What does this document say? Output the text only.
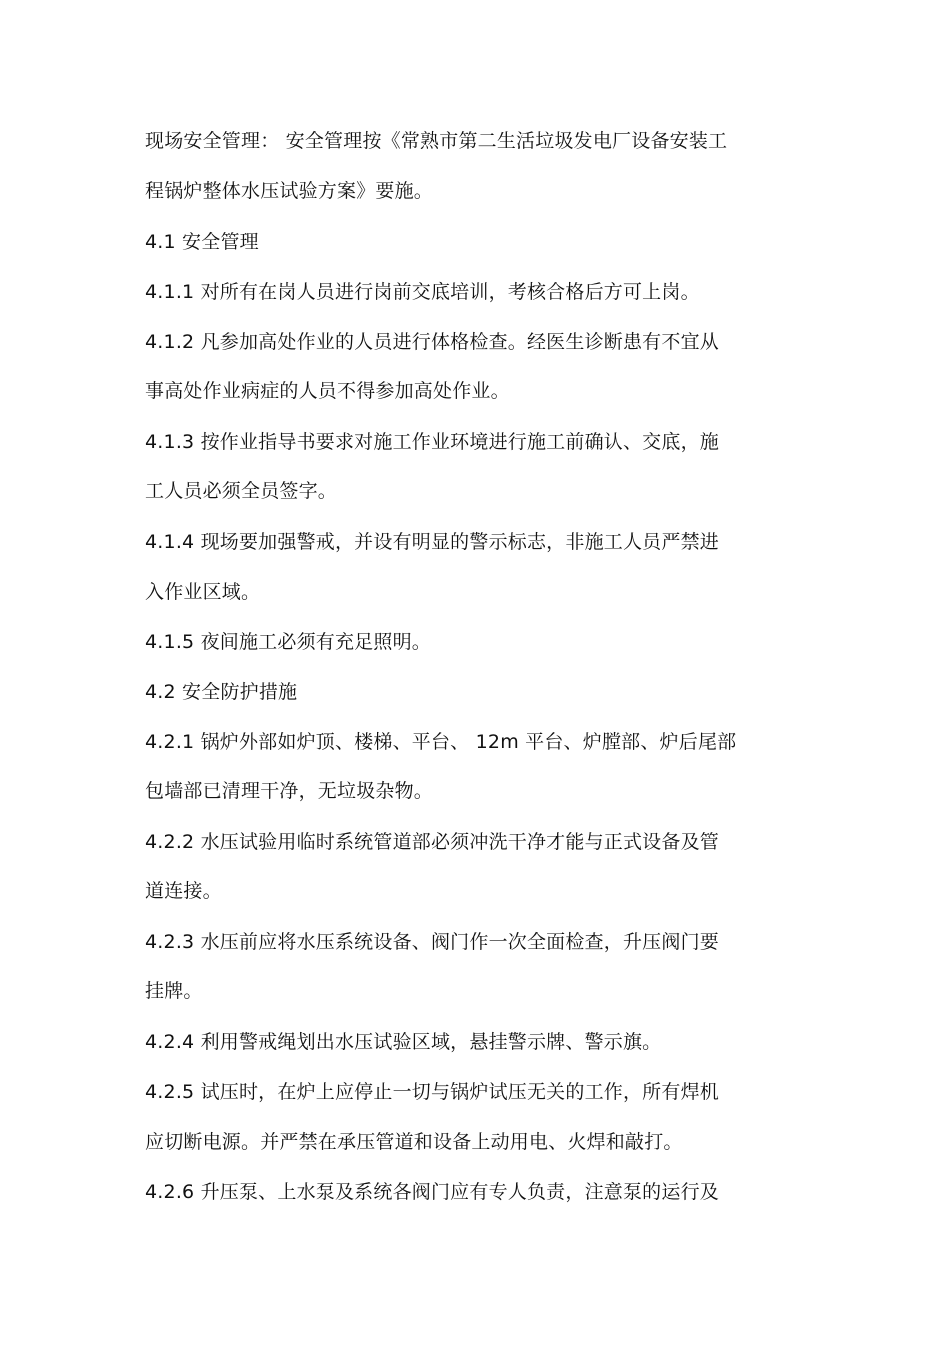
现场安全管理： 安全管理按《常熟市第二生活垃圾发电厂设备安装工
程锅炉整体水压试验方案》要施。
4.1 安全管理
4.1.1 对所有在岗人员进行岗前交底培训，考核合格后方可上岗。
4.1.2 凡参加高处作业的人员进行体格检查。经医生诊断患有不宜从
事高处作业病症的人员不得参加高处作业。
4.1.3 按作业指导书要求对施工作业环境进行施工前确认、交底，施
工人员必须全员签字。
4.1.4 现场要加强警戒，并设有明显的警示标志，非施工人员严禁进
入作业区域。
4.1.5 夜间施工必须有充足照明。
4.2 安全防护措施
4.2.1 锅炉外部如炉顶、楼梯、平台、 12m 平台、炉膛部、炉后尾部
包墙部已清理干净，无垃圾杂物。
4.2.2 水压试验用临时系统管道部必须冲洗干净才能与正式设备及管
道连接。
4.2.3 水压前应将水压系统设备、阀门作一次全面检查，升压阀门要
挂牌。
4.2.4 利用警戒绳划出水压试验区域，悬挂警示牌、警示旗。
4.2.5 试压时，在炉上应停止一切与锅炉试压无关的工作，所有焊机
应切断电源。并严禁在承压管道和设备上动用电、火焊和敲打。
4.2.6 升压泵、上水泵及系统各阀门应有专人负责，注意泵的运行及
